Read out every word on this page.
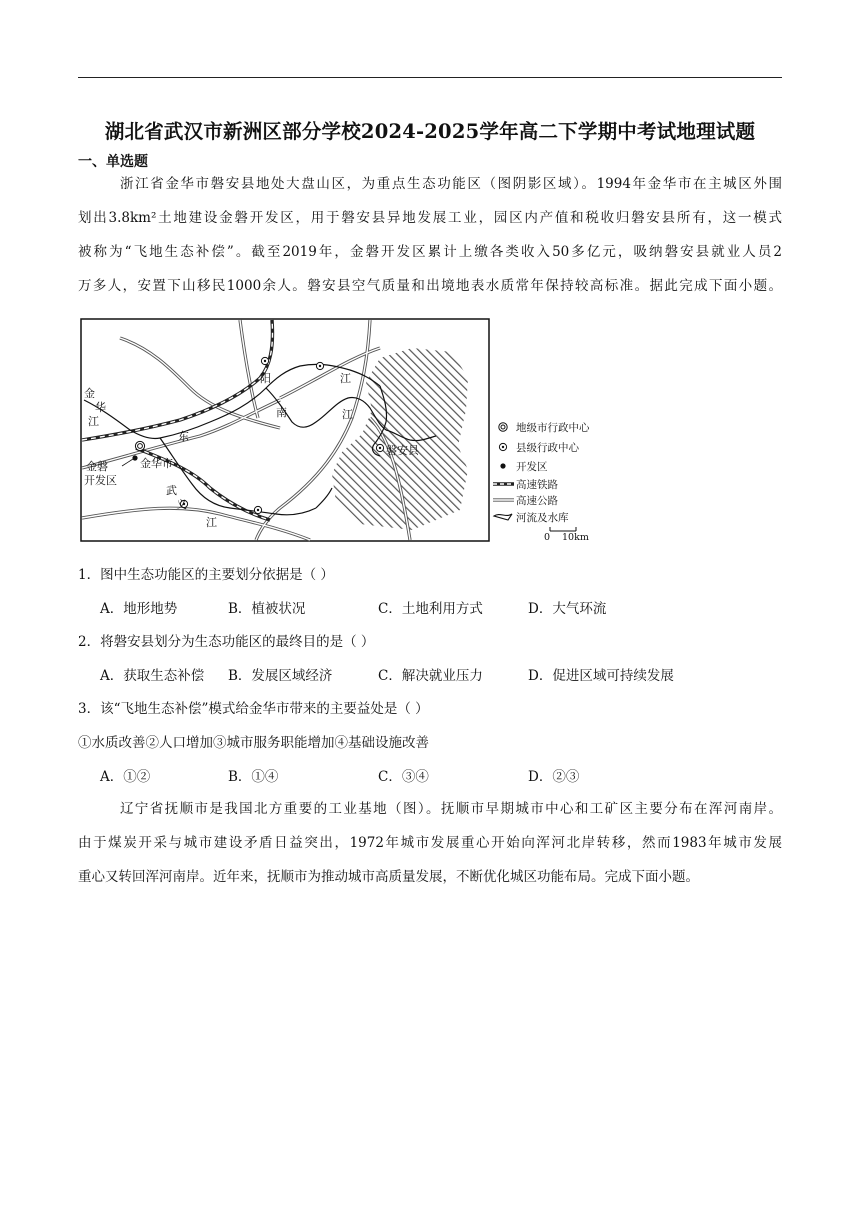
湖北省武汉市新洲区部分学校2024-2025学年高二下学期中考试地理试题
一、单选题
浙江省金华市磐安县地处大盘山区，为重点生态功能区（图阴影区域）。1994年金华市在主城区外围
划出3.8km²土地建设金磐开发区，用于磐安县异地发展工业，园区内产值和税收归磐安县所有，这一模式
被称为“飞地生态补偿”。截至2019年，金磐开发区累计上缴各类收入50多亿元，吸纳磐安县就业人员2
万多人，安置下山移民1000余人。磐安县空气质量和出境地表水质常年保持较高标准。据此完成下面小题。
金
华
江
东
阳	江
南	江
磐安县
金磐
开发区
金华市
武
义
江
地级市行政中心
县级行政中心
开发区
高速铁路
高速公路
河流及水库
0 10km
1．图中生态功能区的主要划分依据是（ ）
A．地形地势	B．植被状况	C．土地利用方式	D．大气环流
2．将磐安县划分为生态功能区的最终目的是（ ）
A．获取生态补偿 B．发展区域经济	C．解决就业压力	D．促进区域可持续发展
3．该“飞地生态补偿”模式给金华市带来的主要益处是（ ）
①水质改善②人口增加③城市服务职能增加④基础设施改善
A．①②	B．①④	C．③④	D．②③
辽宁省抚顺市是我国北方重要的工业基地（图）。抚顺市早期城市中心和工矿区主要分布在浑河南岸。
由于煤炭开采与城市建设矛盾日益突出，1972年城市发展重心开始向浑河北岸转移，然而1983年城市发展
重心又转回浑河南岸。近年来，抚顺市为推动城市高质量发展，不断优化城区功能布局。完成下面小题。
